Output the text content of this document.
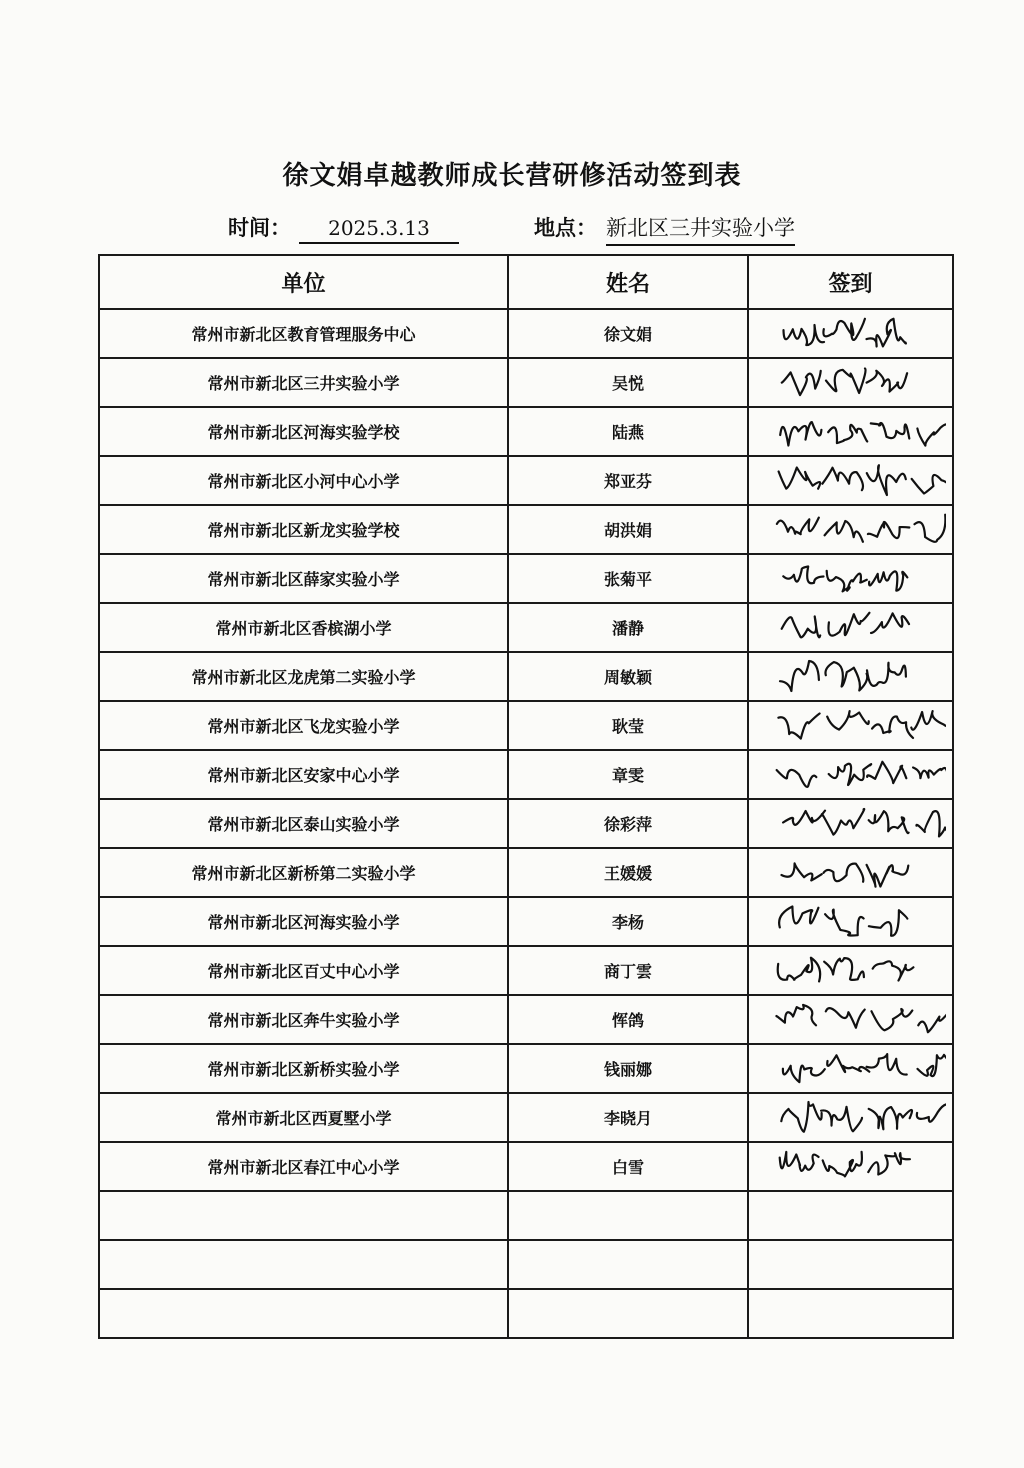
徐文娟卓越教师成长营研修活动签到表
时间： 2025.3.13	地点： 新北区三井实验小学
单位	姓名	签到
常州市新北区教育管理服务中心	徐文娟	

常州市新北区三井实验小学	吴悦	

常州市新北区河海实验学校	陆燕	

常州市新北区小河中心小学	郑亚芬	

常州市新北区新龙实验学校	胡洪娟	

常州市新北区薛家实验小学	张菊平	

常州市新北区香槟湖小学	潘静	

常州市新北区龙虎第二实验小学	周敏颖	

常州市新北区飞龙实验小学	耿莹	

常州市新北区安家中心小学	章雯	

常州市新北区泰山实验小学	徐彩萍	

常州市新北区新桥第二实验小学	王媛媛	

常州市新北区河海实验小学	李杨	

常州市新北区百丈中心小学	商丁雲	

常州市新北区奔牛实验小学	恽鸽	

常州市新北区新桥实验小学	钱丽娜	

常州市新北区西夏墅小学	李晓月	

常州市新北区春江中心小学	白雪	
